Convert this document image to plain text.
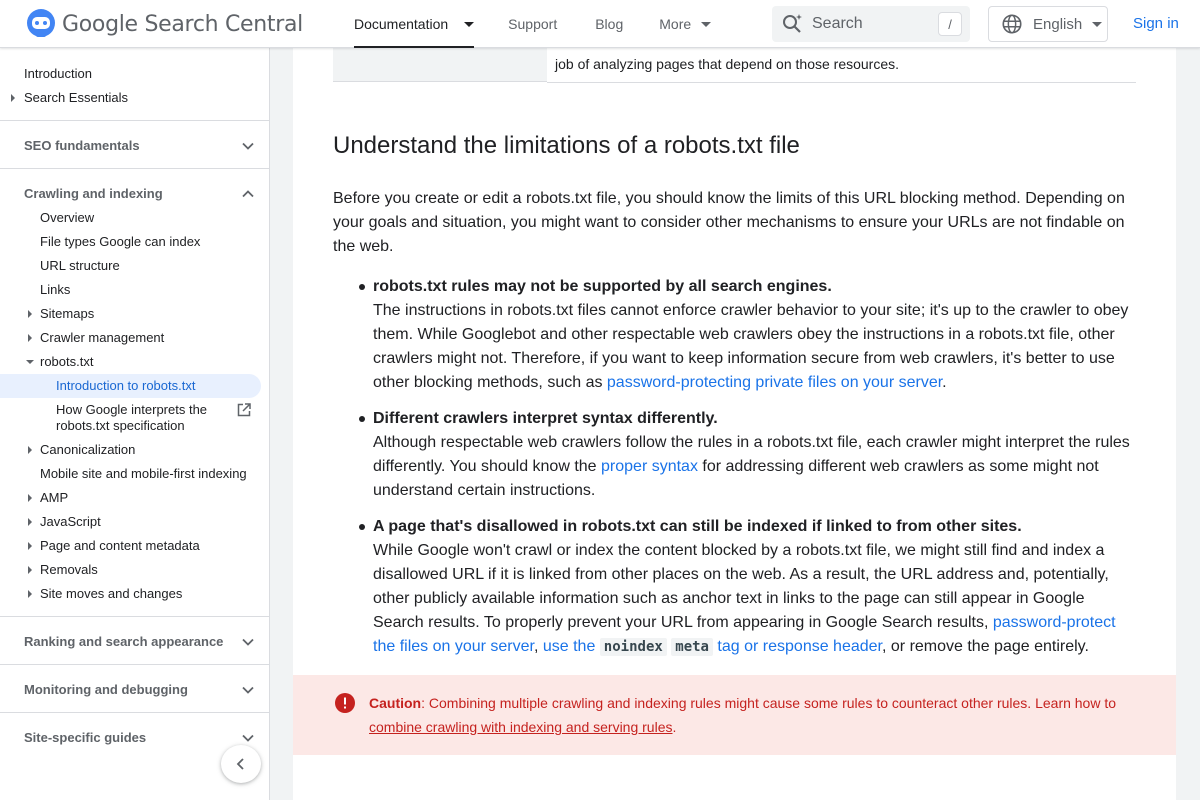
Google Search Central	Documentation	Support	Blog	More	Search	/	English	Sign in
Introduction
Search Essentials
SEO fundamentals
Crawling and indexing
Overview
File types Google can index
URL structure
Links
Sitemaps
Crawler management
robots.txt
Introduction to robots.txt
How Google interprets the robots.txt specification
Canonicalization
Mobile site and mobile-first indexing
AMP
JavaScript
Page and content metadata
Removals
Site moves and changes
Ranking and search appearance
Monitoring and debugging
Site-specific guides
job of analyzing pages that depend on those resources.
Understand the limitations of a robots.txt file

Before you create or edit a robots.txt file, you should know the limits of this URL blocking method. Depending on your goals and situation, you might want to consider other mechanisms to ensure your URLs are not findable on the web.

robots.txt rules may not be supported by all search engines.
The instructions in robots.txt files cannot enforce crawler behavior to your site; it's up to the crawler to obey them. While Googlebot and other respectable web crawlers obey the instructions in a robots.txt file, other crawlers might not. Therefore, if you want to keep information secure from web crawlers, it's better to use other blocking methods, such as password-protecting private files on your server.
Different crawlers interpret syntax differently.
Although respectable web crawlers follow the rules in a robots.txt file, each crawler might interpret the rules differently. You should know the proper syntax for addressing different web crawlers as some might not understand certain instructions.
A page that's disallowed in robots.txt can still be indexed if linked to from other sites.
While Google won't crawl or index the content blocked by a robots.txt file, we might still find and index a disallowed URL if it is linked from other places on the web. As a result, the URL address and, potentially, other publicly available information such as anchor text in links to the page can still appear in Google Search results. To properly prevent your URL from appearing in Google Search results, password-protect the files on your server, use the noindex meta tag or response header, or remove the page entirely.
Caution: Combining multiple crawling and indexing rules might cause some rules to counteract other rules. Learn how to combine crawling with indexing and serving rules.
